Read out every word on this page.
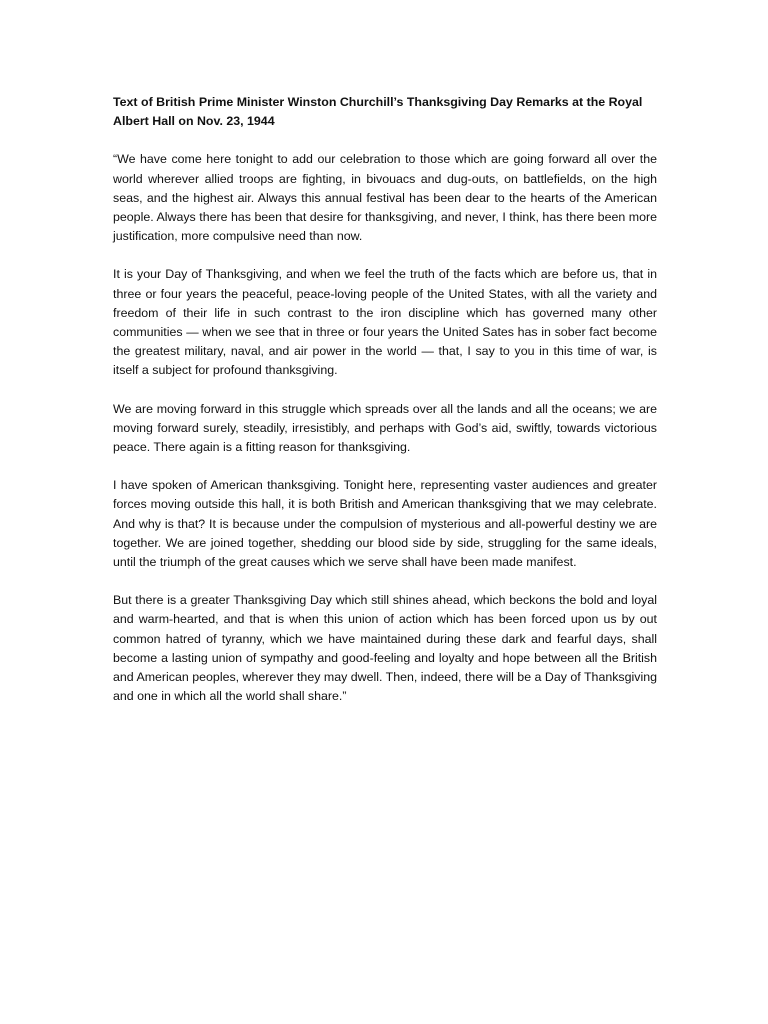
Text of British Prime Minister Winston Churchill’s Thanksgiving Day Remarks at the Royal Albert Hall on Nov. 23, 1944

“We have come here tonight to add our celebration to those which are going forward all over the world wherever allied troops are fighting, in bivouacs and dug-outs, on battlefields, on the high seas, and the highest air. Always this annual festival has been dear to the hearts of the American people. Always there has been that desire for thanksgiving, and never, I think, has there been more justification, more compulsive need than now.

It is your Day of Thanksgiving, and when we feel the truth of the facts which are before us, that in three or four years the peaceful, peace-loving people of the United States, with all the variety and freedom of their life in such contrast to the iron discipline which has governed many other communities — when we see that in three or four years the United Sates has in sober fact become the greatest military, naval, and air power in the world — that, I say to you in this time of war, is itself a subject for profound thanksgiving.

We are moving forward in this struggle which spreads over all the lands and all the oceans; we are moving forward surely, steadily, irresistibly, and perhaps with God’s aid, swiftly, towards victorious peace. There again is a fitting reason for thanksgiving.

I have spoken of American thanksgiving. Tonight here, representing vaster audiences and greater forces moving outside this hall, it is both British and American thanksgiving that we may celebrate. And why is that? It is because under the compulsion of mysterious and all-powerful destiny we are together. We are joined together, shedding our blood side by side, struggling for the same ideals, until the triumph of the great causes which we serve shall have been made manifest.

But there is a greater Thanksgiving Day which still shines ahead, which beckons the bold and loyal and warm-hearted, and that is when this union of action which has been forced upon us by out common hatred of tyranny, which we have maintained during these dark and fearful days, shall become a lasting union of sympathy and good-feeling and loyalty and hope between all the British and American peoples, wherever they may dwell. Then, indeed, there will be a Day of Thanksgiving and one in which all the world shall share.”
